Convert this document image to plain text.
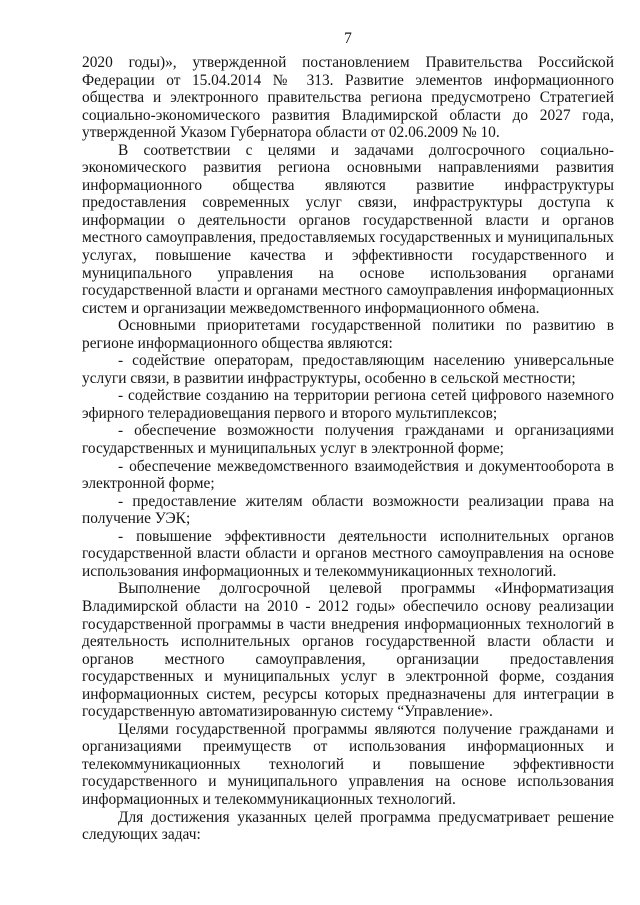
7

2020 годы)», утвержденной постановлением Правительства Российской Федерации от 15.04.2014 № 313. Развитие элементов информационного общества и электронного правительства региона предусмотрено Стратегией социально-экономического развития Владимирской области до 2027 года, утвержденной Указом Губернатора области от 02.06.2009 № 10.

В соответствии с целями и задачами долгосрочного социально-экономического развития региона основными направлениями развития информационного общества являются развитие инфраструктуры предоставления современных услуг связи, инфраструктуры доступа к информации о деятельности органов государственной власти и органов местного самоуправления, предоставляемых государственных и муниципальных услугах, повышение качества и эффективности государственного и муниципального управления на основе использования органами государственной власти и органами местного самоуправления информационных систем и организации межведомственного информационного обмена.

Основными приоритетами государственной политики по развитию в регионе информационного общества являются:

- содействие операторам, предоставляющим населению универсальные услуги связи, в развитии инфраструктуры, особенно в сельской местности;

- содействие созданию на территории региона сетей цифрового наземного эфирного телерадиовещания первого и второго мультиплексов;

- обеспечение возможности получения гражданами и организациями государственных и муниципальных услуг в электронной форме;

- обеспечение межведомственного взаимодействия и документооборота в электронной форме;

- предоставление жителям области возможности реализации права на получение УЭК;

- повышение эффективности деятельности исполнительных органов государственной власти области и органов местного самоуправления на основе использования информационных и телекоммуникационных технологий.

Выполнение долгосрочной целевой программы «Информатизация Владимирской области на 2010 - 2012 годы» обеспечило основу реализации государственной программы в части внедрения информационных технологий в деятельность исполнительных органов государственной власти области и органов местного самоуправления, организации предоставления государственных и муниципальных услуг в электронной форме, создания информационных систем, ресурсы которых предназначены для интеграции в государственную автоматизированную систему “Управление».

Целями государственной программы являются получение гражданами и организациями преимуществ от использования информационных и телекоммуникационных технологий и повышение эффективности государственного и муниципального управления на основе использования информационных и телекоммуникационных технологий.

Для достижения указанных целей программа предусматривает решение следующих задач:
